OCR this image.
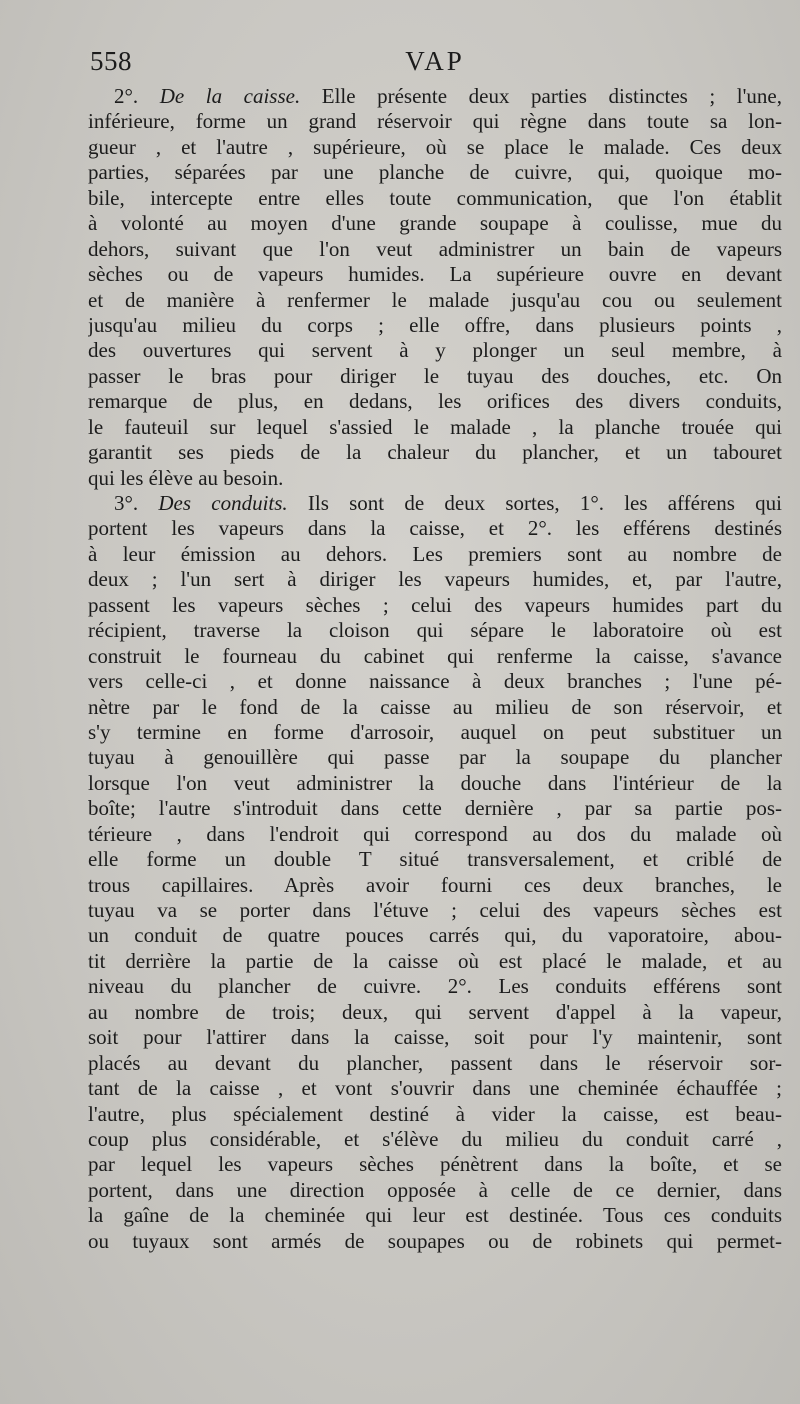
558	VAP
2°. De la caisse. Elle présente deux parties distinctes ; l'une,
inférieure, forme un grand réservoir qui règne dans toute sa lon-
gueur , et l'autre , supérieure, où se place le malade. Ces deux
parties, séparées par une planche de cuivre, qui, quoique mo-
bile, intercepte entre elles toute communication, que l'on établit
à volonté au moyen d'une grande soupape à coulisse, mue du
dehors, suivant que l'on veut administrer un bain de vapeurs
sèches ou de vapeurs humides. La supérieure ouvre en devant
et de manière à renfermer le malade jusqu'au cou ou seulement
jusqu'au milieu du corps ; elle offre, dans plusieurs points ,
des ouvertures qui servent à y plonger un seul membre, à
passer le bras pour diriger le tuyau des douches, etc. On
remarque de plus, en dedans, les orifices des divers conduits,
le fauteuil sur lequel s'assied le malade , la planche trouée qui
garantit ses pieds de la chaleur du plancher, et un tabouret
qui les élève au besoin.
3°. Des conduits. Ils sont de deux sortes, 1°. les afférens qui
portent les vapeurs dans la caisse, et 2°. les efférens destinés
à leur émission au dehors. Les premiers sont au nombre de
deux ; l'un sert à diriger les vapeurs humides, et, par l'autre,
passent les vapeurs sèches ; celui des vapeurs humides part du
récipient, traverse la cloison qui sépare le laboratoire où est
construit le fourneau du cabinet qui renferme la caisse, s'avance
vers celle-ci , et donne naissance à deux branches ; l'une pé-
nètre par le fond de la caisse au milieu de son réservoir, et
s'y termine en forme d'arrosoir, auquel on peut substituer un
tuyau à genouillère qui passe par la soupape du plancher
lorsque l'on veut administrer la douche dans l'intérieur de la
boîte; l'autre s'introduit dans cette dernière , par sa partie pos-
térieure , dans l'endroit qui correspond au dos du malade où
elle forme un double T situé transversalement, et criblé de
trous capillaires. Après avoir fourni ces deux branches, le
tuyau va se porter dans l'étuve ; celui des vapeurs sèches est
un conduit de quatre pouces carrés qui, du vaporatoire, abou-
tit derrière la partie de la caisse où est placé le malade, et au
niveau du plancher de cuivre. 2°. Les conduits efférens sont
au nombre de trois; deux, qui servent d'appel à la vapeur,
soit pour l'attirer dans la caisse, soit pour l'y maintenir, sont
placés au devant du plancher, passent dans le réservoir sor-
tant de la caisse , et vont s'ouvrir dans une cheminée échauffée ;
l'autre, plus spécialement destiné à vider la caisse, est beau-
coup plus considérable, et s'élève du milieu du conduit carré ,
par lequel les vapeurs sèches pénètrent dans la boîte, et se
portent, dans une direction opposée à celle de ce dernier, dans
la gaîne de la cheminée qui leur est destinée. Tous ces conduits
ou tuyaux sont armés de soupapes ou de robinets qui permet-
